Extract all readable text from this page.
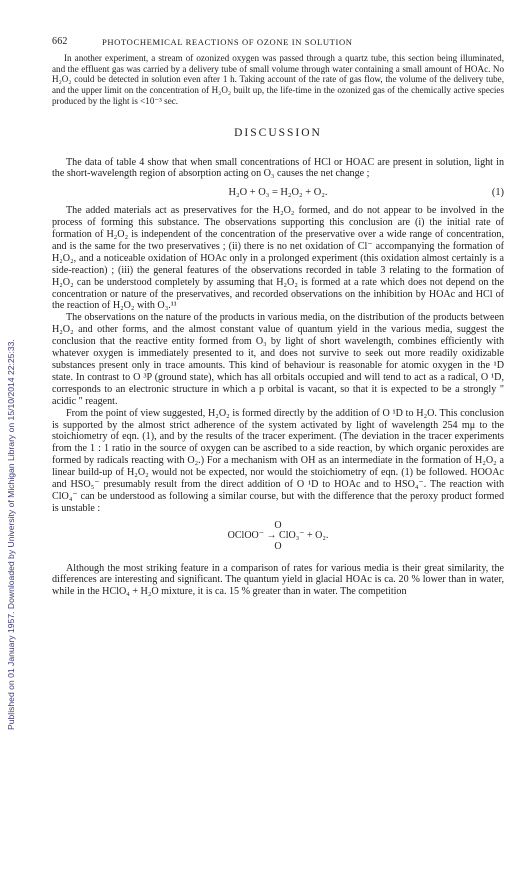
Published on 01 January 1957. Downloaded by University of Michigan Library on 15/10/2014 22:25:33.
662	PHOTOCHEMICAL REACTIONS OF OZONE IN SOLUTION

In another experiment, a stream of ozonized oxygen was passed through a quartz tube, this section being illuminated, and the effluent gas was carried by a delivery tube of small volume through water containing a small amount of HOAc. No H₂O₂ could be detected in solution even after 1 h. Taking account of the rate of gas flow, the volume of the delivery tube, and the upper limit on the concentration of H₂O₂ built up, the life-time in the ozonized gas of the chemically active species produced by the light is <10⁻³ sec.

DISCUSSION

The data of table 4 show that when small concentrations of HCl or HOAC are present in solution, light in the short-wavelength region of absorption acting on O₃ causes the net change ;

H₂O + O₃ = H₂O₂ + O₂.	(1)

The added materials act as preservatives for the H₂O₂ formed, and do not appear to be involved in the process of forming this substance. The observations supporting this conclusion are (i) the initial rate of formation of H₂O₂ is independent of the concentration of the preservative over a wide range of concentration, and is the same for the two preservatives ; (ii) there is no net oxidation of Cl⁻ accompanying the formation of H₂O₂, and a noticeable oxidation of HOAc only in a prolonged experiment (this oxidation almost certainly is a side-reaction) ; (iii) the general features of the observations recorded in table 3 relating to the formation of H₂O₂ can be understood completely by assuming that H₂O₂ is formed at a rate which does not depend on the concentration or nature of the preservatives, and recorded observations on the inhibition by HOAc and HCl of the reaction of H₂O₂ with O₃.¹¹

The observations on the nature of the products in various media, on the distribution of the products between H₂O₂ and other forms, and the almost constant value of quantum yield in the various media, suggest the conclusion that the reactive entity formed from O₃ by light of short wavelength, combines efficiently with whatever oxygen is immediately presented to it, and does not survive to seek out more readily oxidizable substances present only in trace amounts. This kind of behaviour is reasonable for atomic oxygen in the ¹D state. In contrast to O ³P (ground state), which has all orbitals occupied and will tend to act as a radical, O ¹D, corresponds to an electronic structure in which a p orbital is vacant, so that it is expected to be a strongly " acidic " reagent.

From the point of view suggested, H₂O₂ is formed directly by the addition of O ¹D to H₂O. This conclusion is supported by the almost strict adherence of the system activated by light of wavelength 254 mμ to the stoichiometry of eqn. (1), and by the results of the tracer experiment. (The deviation in the tracer experiments from the 1 : 1 ratio in the source of oxygen can be ascribed to a side reaction, by which organic peroxides are formed by radicals reacting with O₂.) For a mechanism with OH as an intermediate in the formation of H₂O₂ a linear build-up of H₂O₂ would not be expected, nor would the stoichiometry of eqn. (1) be followed. HOOAc and HSO₅⁻ presumably result from the direct addition of O ¹D to HOAc and to HSO₄⁻. The reaction with ClO₄⁻ can be understood as following a similar course, but with the difference that the peroxy product formed is unstable :

O
OClOO⁻ → ClO₃⁻ + O₂.
O

Although the most striking feature in a comparison of rates for various media is their great similarity, the differences are interesting and significant. The quantum yield in glacial HOAc is ca. 20 % lower than in water, while in the HClO₄ + H₂O mixture, it is ca. 15 % greater than in water. The competition
